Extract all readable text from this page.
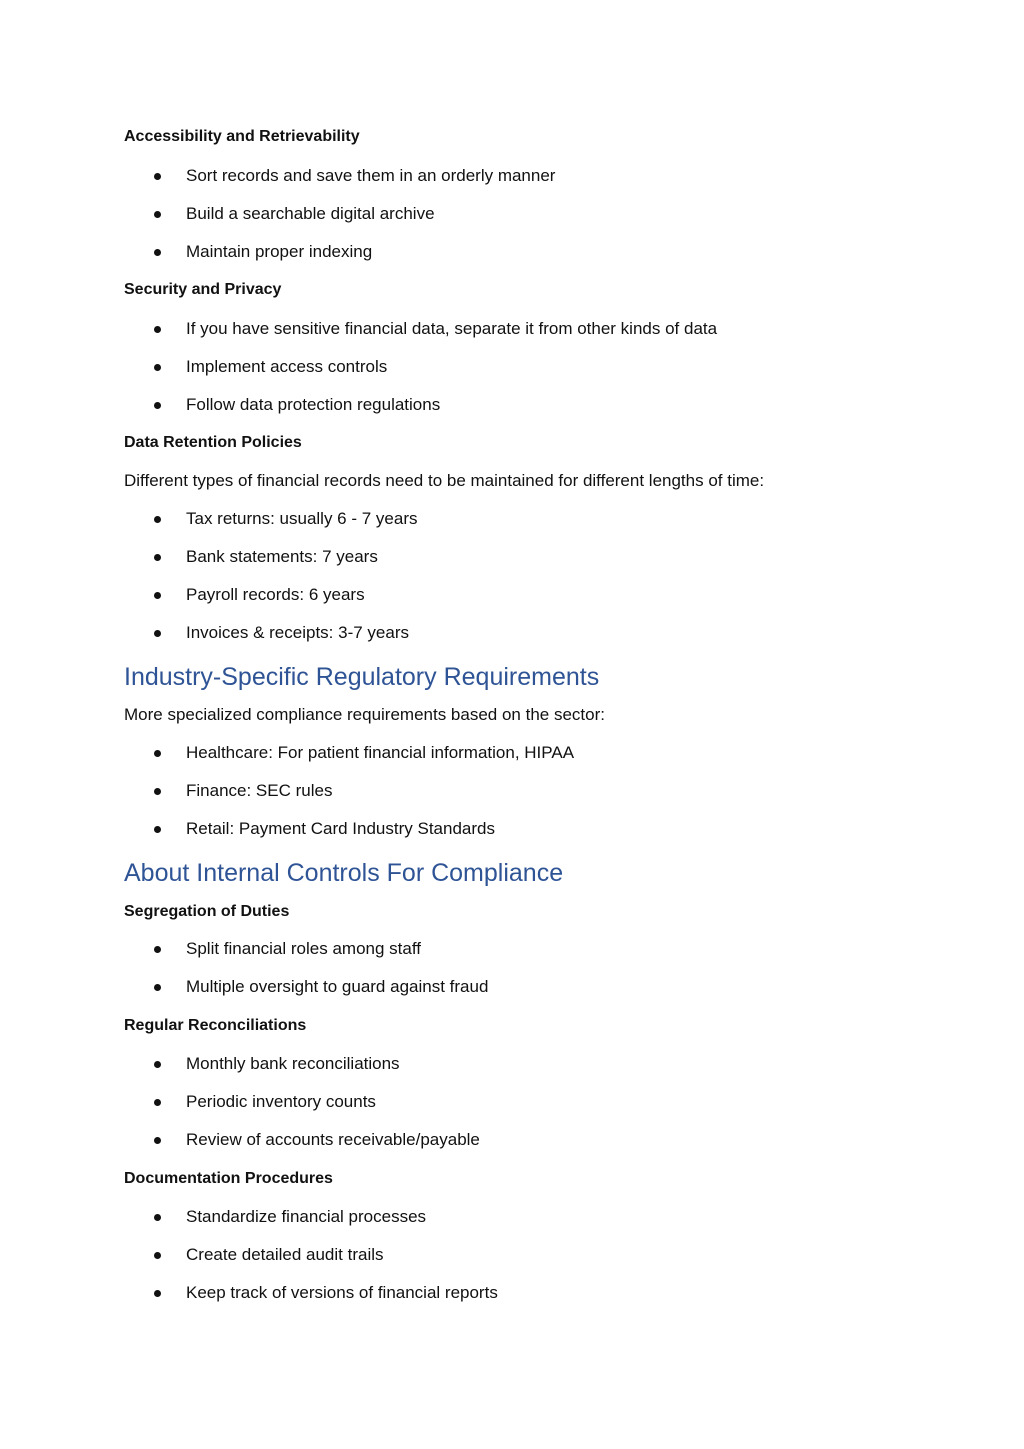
Accessibility and Retrievability
Sort records and save them in an orderly manner
Build a searchable digital archive
Maintain proper indexing
Security and Privacy
If you have sensitive financial data, separate it from other kinds of data
Implement access controls
Follow data protection regulations
Data Retention Policies
Different types of financial records need to be maintained for different lengths of time:
Tax returns: usually 6 - 7 years
Bank statements: 7 years
Payroll records: 6 years
Invoices & receipts: 3-7 years
Industry-Specific Regulatory Requirements
More specialized compliance requirements based on the sector:
Healthcare: For patient financial information, HIPAA
Finance: SEC rules
Retail: Payment Card Industry Standards
About Internal Controls For Compliance
Segregation of Duties
Split financial roles among staff
Multiple oversight to guard against fraud
Regular Reconciliations
Monthly bank reconciliations
Periodic inventory counts
Review of accounts receivable/payable
Documentation Procedures
Standardize financial processes
Create detailed audit trails
Keep track of versions of financial reports
